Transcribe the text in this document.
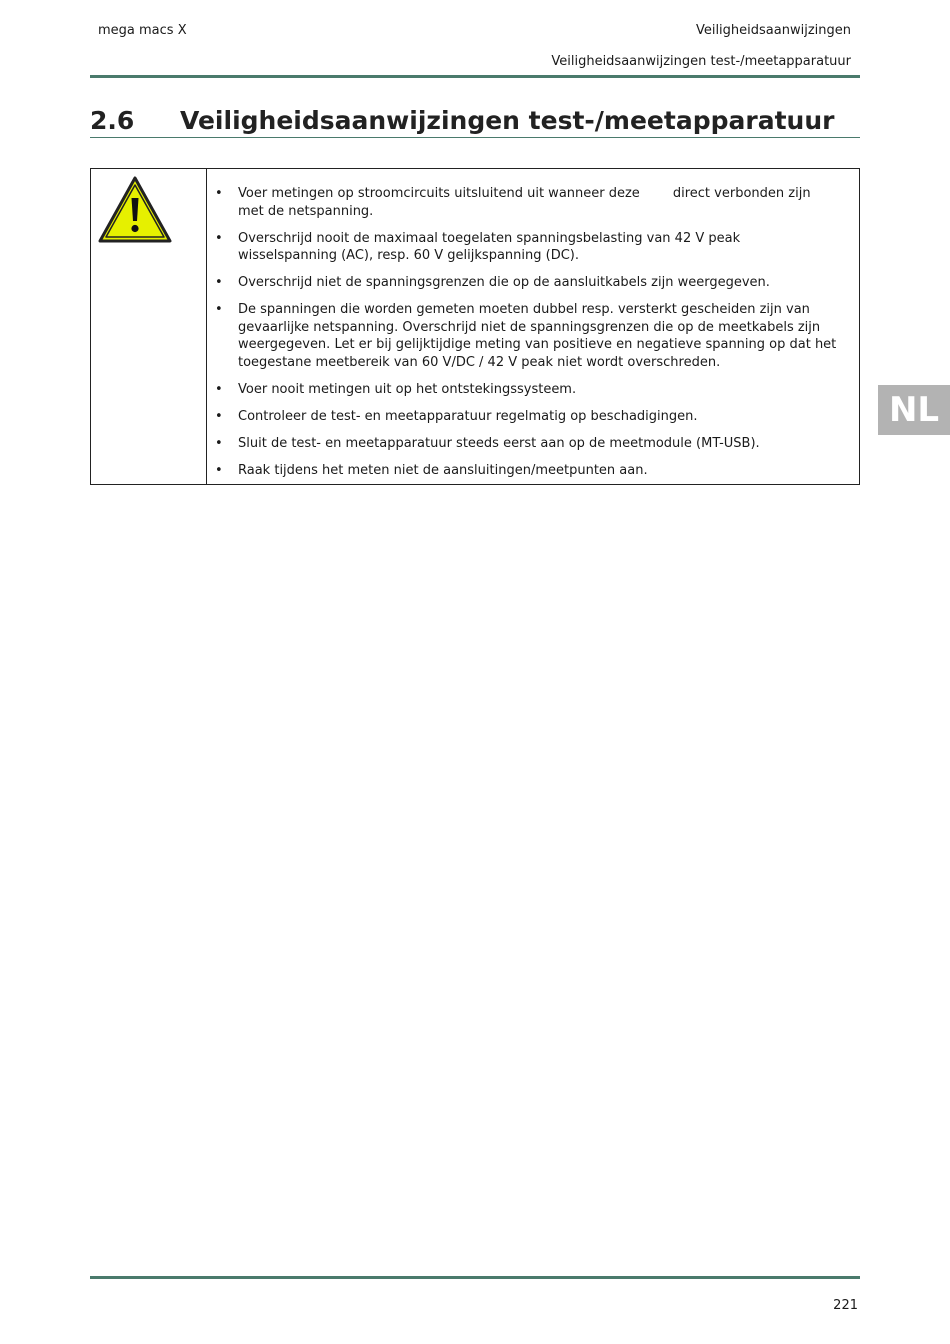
mega macs X	Veiligheidsaanwijzingen
Veiligheidsaanwijzingen test-/meetapparatuur
2.6 Veiligheidsaanwijzingen test-/meetapparatuur
• Voer metingen op stroomcircuits uitsluitend uit wanneer deze        direct verbonden zijn met de netspanning.
• Overschrijd nooit de maximaal toegelaten spanningsbelasting van 42 V peak wisselspanning (AC), resp. 60 V gelijkspanning (DC).
• Overschrijd niet de spanningsgrenzen die op de aansluitkabels zijn weergegeven.
• De spanningen die worden gemeten moeten dubbel resp. versterkt gescheiden zijn van gevaarlijke netspanning. Overschrijd niet de spanningsgrenzen die op de meetkabels zijn weergegeven. Let er bij gelijktijdige meting van positieve en negatieve spanning op dat het toegestane meetbereik van 60 V/DC / 42 V peak niet wordt overschreden.
• Voer nooit metingen uit op het ontstekingssysteem.
• Controleer de test- en meetapparatuur regelmatig op beschadigingen.
• Sluit de test- en meetapparatuur steeds eerst aan op de meetmodule (MT-USB).
• Raak tijdens het meten niet de aansluitingen/meetpunten aan.
NL
221
